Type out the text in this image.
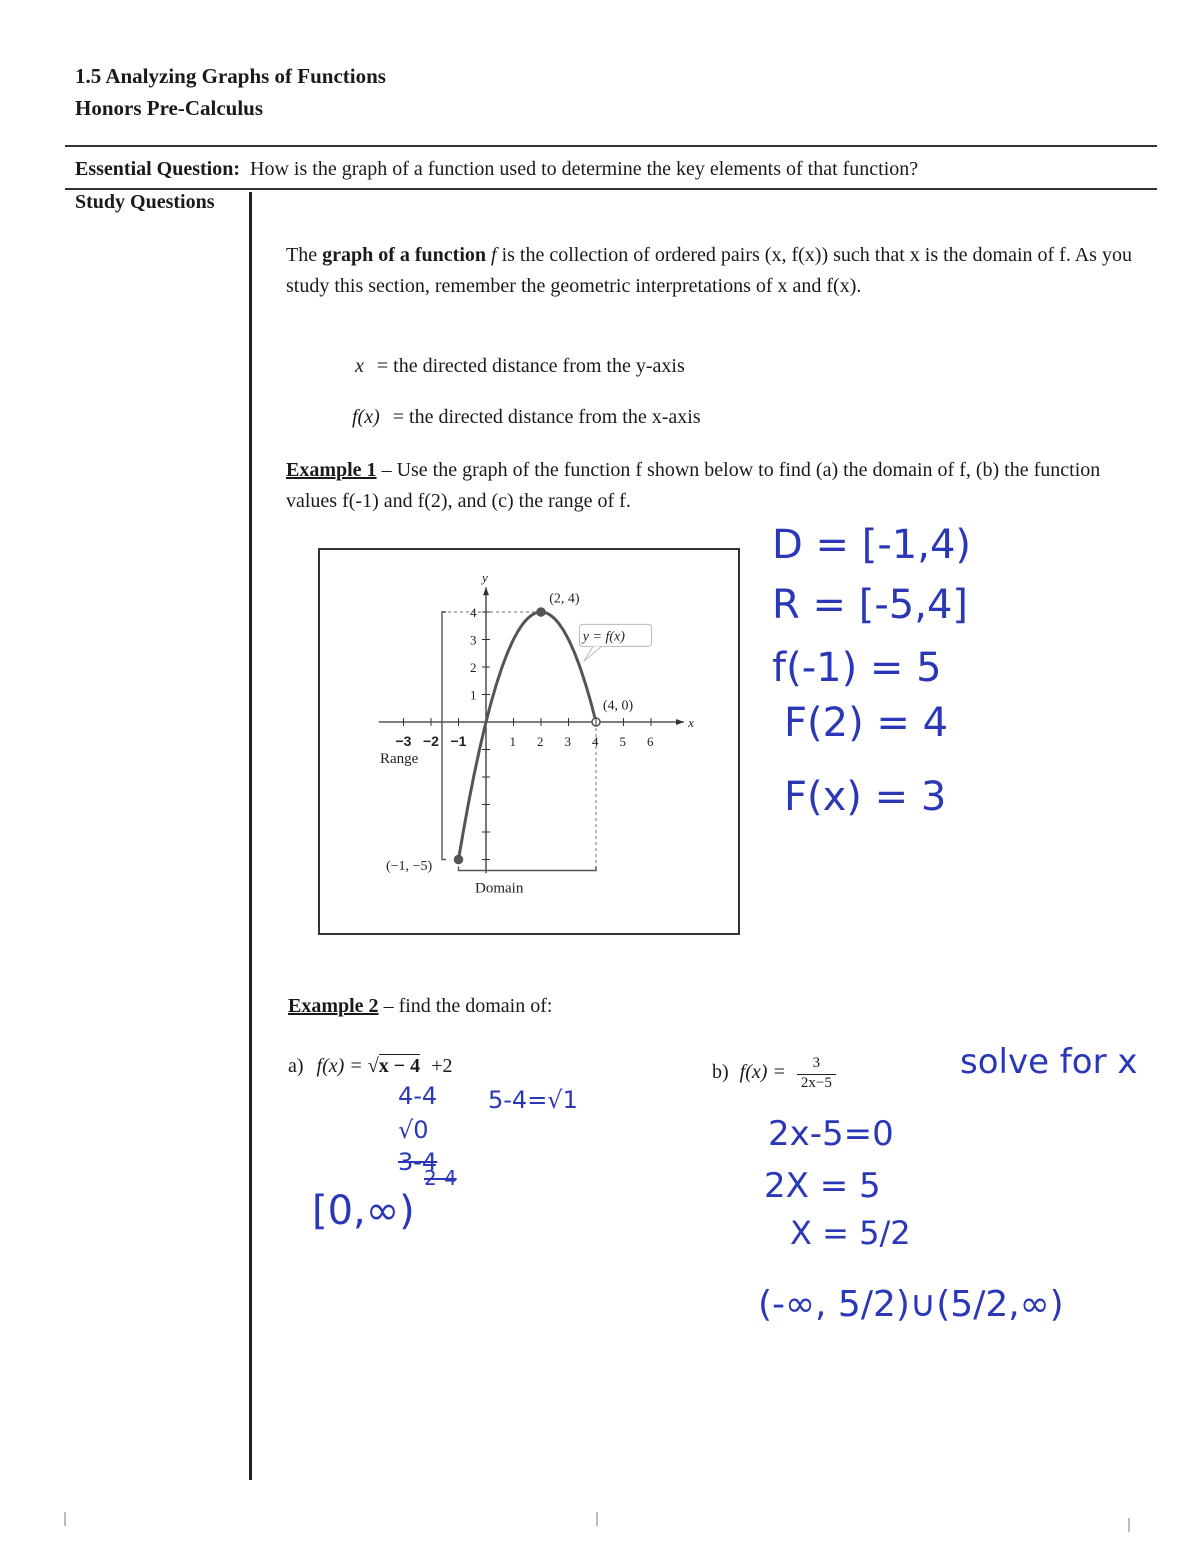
1.5 Analyzing Graphs of Functions
Honors Pre-Calculus
Essential Question: How is the graph of a function used to determine the key elements of that function?
Study Questions
The graph of a function f is the collection of ordered pairs (x, f(x)) such that x is the domain of f. As you study this section, remember the geometric interpretations of x and f(x).
x = the directed distance from the y-axis
f(x) = the directed distance from the x-axis
Example 1 – Use the graph of the function f shown below to find (a) the domain of f, (b) the function values f(-1) and f(2), and (c) the range of f.
x
y
−3 −2 −1	1 2 3 4 5 6
4
3
2
1
Range
Domain
(2, 4)
(4, 0)
(−1, −5)
y = f(x)
D = [-1,4)
R = [-5,4]
f(-1) = 5
F(2) = 4
F(x) = 3
Example 2 – find the domain of:
a) f(x) = √x − 4 +2	b) $f(x) = \frac{3}{2x-5}$
4-4 5-4=√1
√0
3-4
2-4
[0,∞)
solve for x
2x-5=0
2X = 5
X = 5/2
(-∞, 5/2)∪(5/2,∞)
